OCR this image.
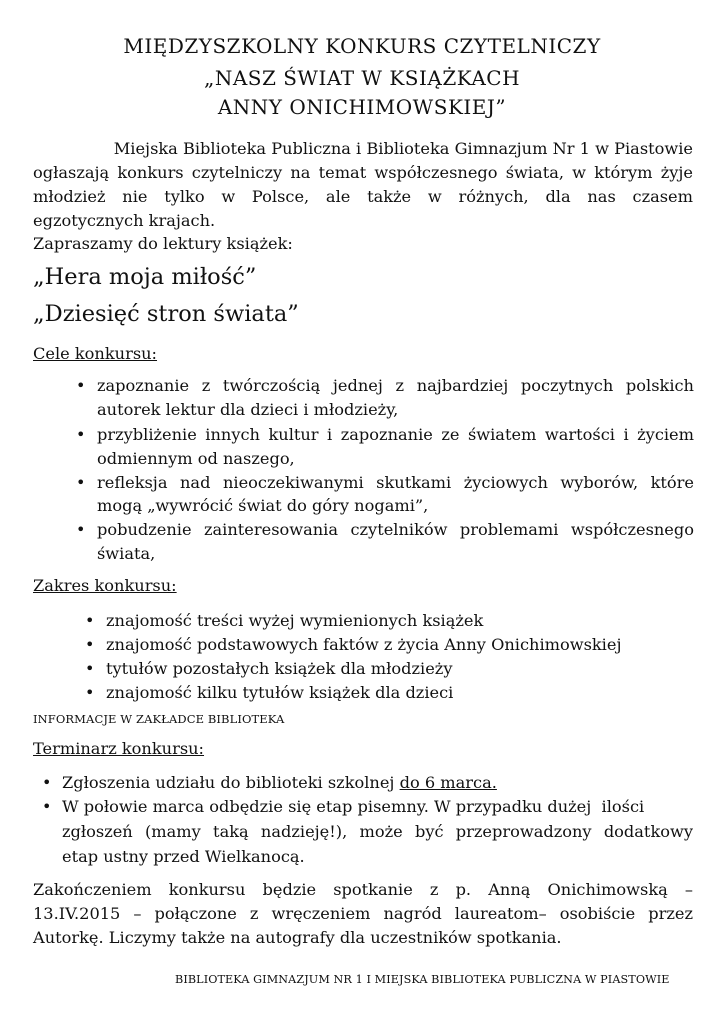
MIĘDZYSZKOLNY KONKURS CZYTELNICZY
„NASZ ŚWIAT W KSIĄŻKACH
ANNY ONICHIMOWSKIEJ”
Miejska Biblioteka Publiczna i Biblioteka Gimnazjum Nr 1 w Piastowie
ogłaszają konkurs czytelniczy na temat współczesnego świata, w którym żyje
młodzież nie tylko w Polsce, ale także w różnych, dla nas czasem
egzotycznych krajach.
Zapraszamy do lektury książek:
„Hera moja miłość”
„Dziesięć stron świata”
Cele konkursu:
• zapoznanie z twórczością jednej z najbardziej poczytnych polskich
autorek lektur dla dzieci i młodzieży,
• przybliżenie innych kultur i zapoznanie ze światem wartości i życiem
odmiennym od naszego,
• refleksja nad nieoczekiwanymi skutkami życiowych wyborów, które
mogą „wywrócić świat do góry nogami”,
• pobudzenie zainteresowania czytelników problemami współczesnego
świata,
Zakres konkursu:
• znajomość treści wyżej wymienionych książek
• znajomość podstawowych faktów z życia Anny Onichimowskiej
• tytułów pozostałych książek dla młodzieży
• znajomość kilku tytułów książek dla dzieci
INFORMACJE W ZAKŁADCE BIBLIOTEKA
Terminarz konkursu:
• Zgłoszenia udziału do biblioteki szkolnej do 6 marca.
• W połowie marca odbędzie się etap pisemny. W przypadku dużej  ilości
zgłoszeń (mamy taką nadzieję!), może być przeprowadzony dodatkowy
etap ustny przed Wielkanocą.
Zakończeniem konkursu będzie spotkanie z p. Anną Onichimowską –
13.IV.2015 – połączone z wręczeniem nagród laureatom– osobiście przez
Autorkę. Liczymy także na autografy dla uczestników spotkania.
BIBLIOTEKA GIMNAZJUM NR 1 I MIEJSKA BIBLIOTEKA PUBLICZNA W PIASTOWIE
